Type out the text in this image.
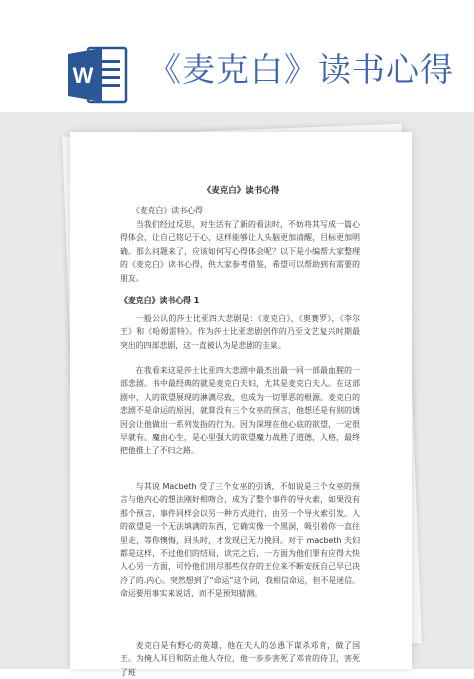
W 《麦克白》读书心得
《麦克白》读书心得
《麦克白》读书心得
当我们经过反思，对生活有了新的看法时，不妨将其写成一篇心得体会，让自己铭记于心，这样能够让人头脑更加清醒，目标更加明确。那么问题来了，应该如何写心得体会呢？以下是小编帮大家整理的《麦克白》读书心得，供大家参考借鉴，希望可以帮助到有需要的朋友。
《麦克白》读书心得 1
一般公认的莎士比亚四大悲剧是：《麦克白》，《奥赛罗》，《李尔王》和《哈姆雷特》。作为莎士比亚悲剧创作的乃至文艺复兴时期最突出的四部悲剧，这一直被认为是悲剧的圭臬。
在我看来这是莎士比亚四大悲剧中最杰出最一同一部最血腥的一部悲剧。书中最经典的就是麦克白夫妇，尤其是麦克白夫人。在这部剧中，人的欲望展现的淋漓尽致，也成为一切罪恶的根源。麦克白的悲剧不是命运的原因，就算没有三个女巫的预言，他想还是有别的诱因会让他做出一系列发指的行为。因为深埋在他心底的欲望，一定很早就有。魔由心生，是心里强大的欲望魔力战胜了道德，人格，最终把他推上了不归之路。
与其说 Macbeth 受了三个女巫的引诱，不如说是三个女巫的预言与他内心的想法刚好相吻合，成为了整个事件的导火索，如果没有那个预言，事件同样会以另一种方式进行，由另一个导火索引发。人的欲望是一个无法填满的东西，它确实像一个黑洞，吸引着你一直往里走，等你懊悔，回头时，才发现已无力挽回。对于 macbeth 夫妇都是这样，不过他们的结局，读完之后，一方面为他们罪有应得大快人心另一方面，可怜他们用尽那些仅存的王位来不断安抚自己早已决冷了的.内心。突然想到了“命运”这个词，我相信命运，但不是迷信。命运要用事实来说话，而不是预知猜测。
麦克白是有野心的英雄，他在夫人的怂恿下谋杀邓肯，做了国王。为掩人耳目和防止他人夺位，他一步步害死了邓肯的侍卫，害死了班
